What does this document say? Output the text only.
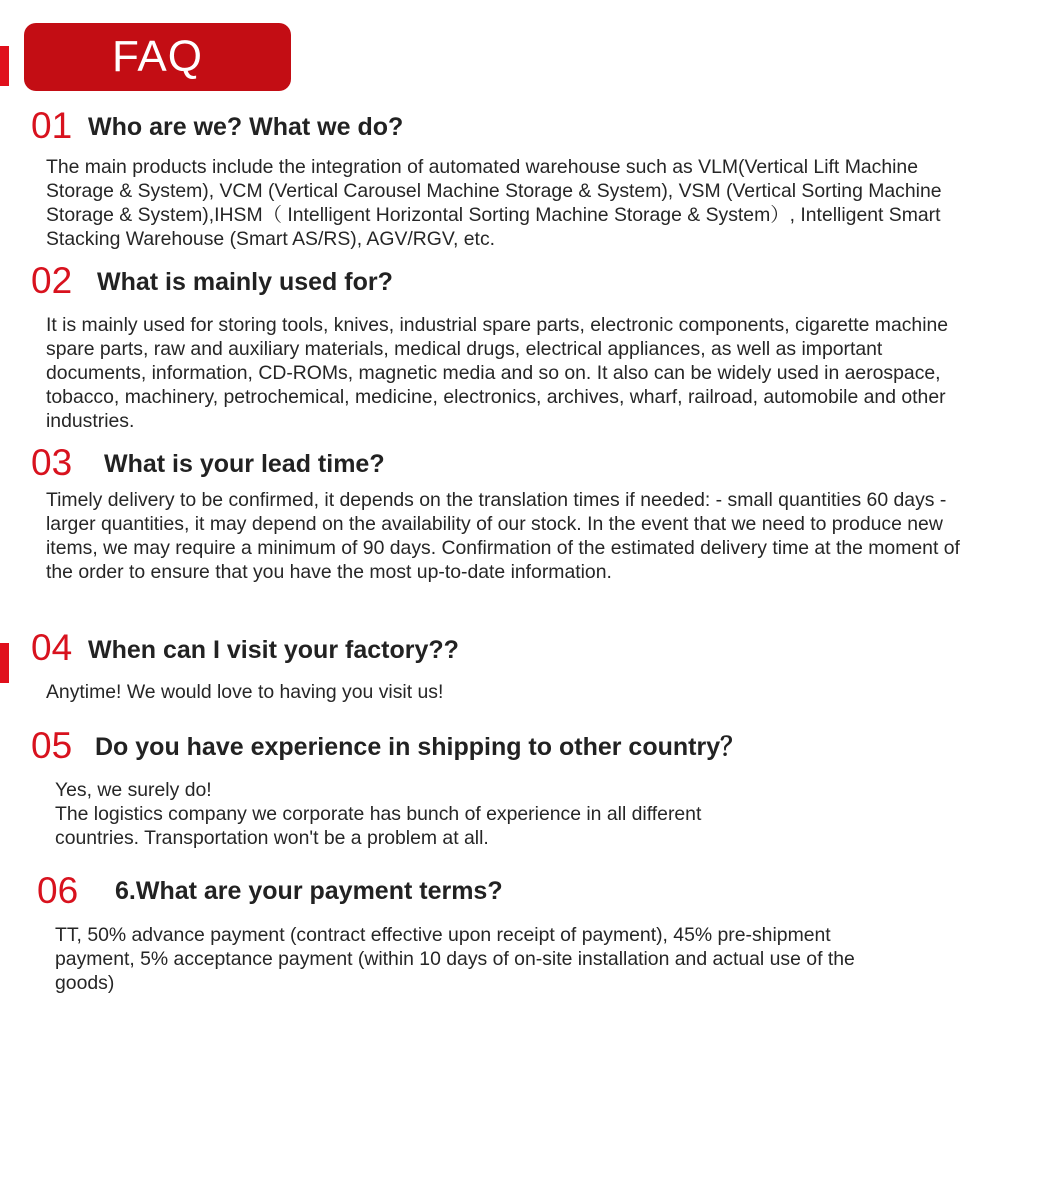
FAQ
01 Who are we? What we do?

The main products include the integration of automated warehouse such as VLM(Vertical Lift Machine Storage & System), VCM (Vertical Carousel Machine Storage & System), VSM (Vertical Sorting Machine Storage & System),IHSM（ Intelligent Horizontal Sorting Machine Storage & System）, Intelligent Smart Stacking Warehouse (Smart AS/RS), AGV/RGV, etc.

02 What is mainly used for?

It is mainly used for storing tools, knives, industrial spare parts, electronic components, cigarette machine spare parts, raw and auxiliary materials, medical drugs, electrical appliances, as well as important documents, information, CD-ROMs, magnetic media and so on. It also can be widely used in aerospace, tobacco, machinery, petrochemical, medicine, electronics, archives, wharf, railroad, automobile and other industries.

03 What is your lead time?

Timely delivery to be confirmed, it depends on the translation times if needed: - small quantities 60 days - larger quantities, it may depend on the availability of our stock. In the event that we need to produce new items, we may require a minimum of 90 days. Confirmation of the estimated delivery time at the moment of the order to ensure that you have the most up-to-date information.

04 When can I visit your factory??

Anytime! We would love to having you visit us!

05 Do you have experience in shipping to other country？

Yes, we surely do!

The logistics company we corporate has bunch of experience in all different countries. Transportation won't be a problem at all.

06 6.What are your payment terms?

TT, 50% advance payment (contract effective upon receipt of payment), 45% pre-shipment payment, 5% acceptance payment (within 10 days of on-site installation and actual use of the goods)
